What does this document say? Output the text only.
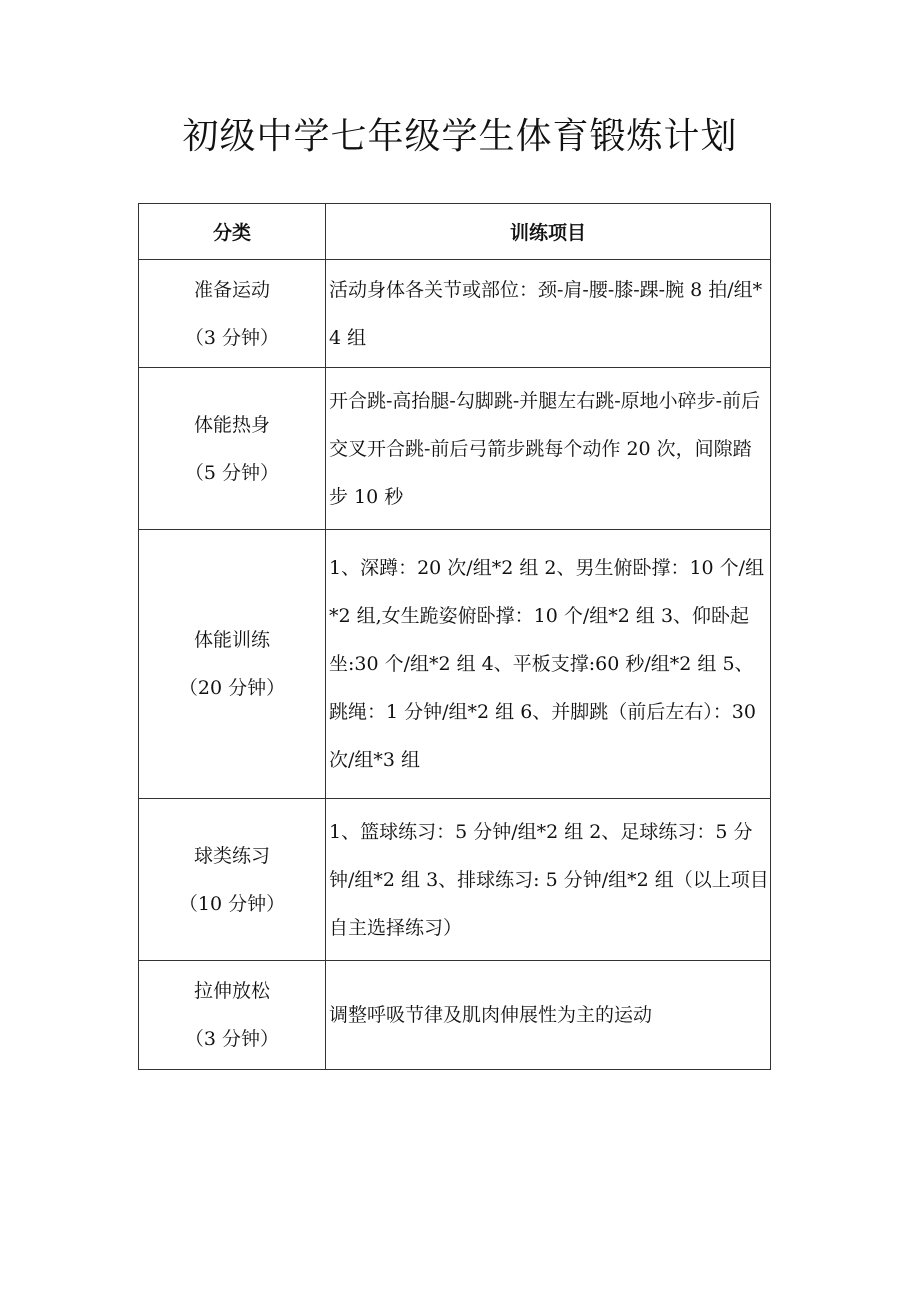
初级中学七年级学生体育锻炼计划
分类	训练项目

准备运动
（3 分钟）	活动身体各关节或部位：颈-肩-腰-膝-踝-腕 8 拍/组*4 组

体能热身
（5 分钟）	开合跳-高抬腿-勾脚跳-并腿左右跳-原地小碎步-前后交叉开合跳-前后弓箭步跳每个动作 20 次，间隙踏步 10 秒

体能训练
（20 分钟）	1、深蹲：20 次/组*2 组 2、男生俯卧撑：10 个/组*2 组,女生跪姿俯卧撑：10 个/组*2 组 3、仰卧起坐:30 个/组*2 组 4、平板支撑:60 秒/组*2 组 5、跳绳：1 分钟/组*2 组 6、并脚跳（前后左右）：30 次/组*3 组

球类练习
（10 分钟）	1、篮球练习：5 分钟/组*2 组 2、足球练习：5 分钟/组*2 组 3、排球练习: 5 分钟/组*2 组（以上项目自主选择练习）

拉伸放松
（3 分钟）	调整呼吸节律及肌肉伸展性为主的运动
